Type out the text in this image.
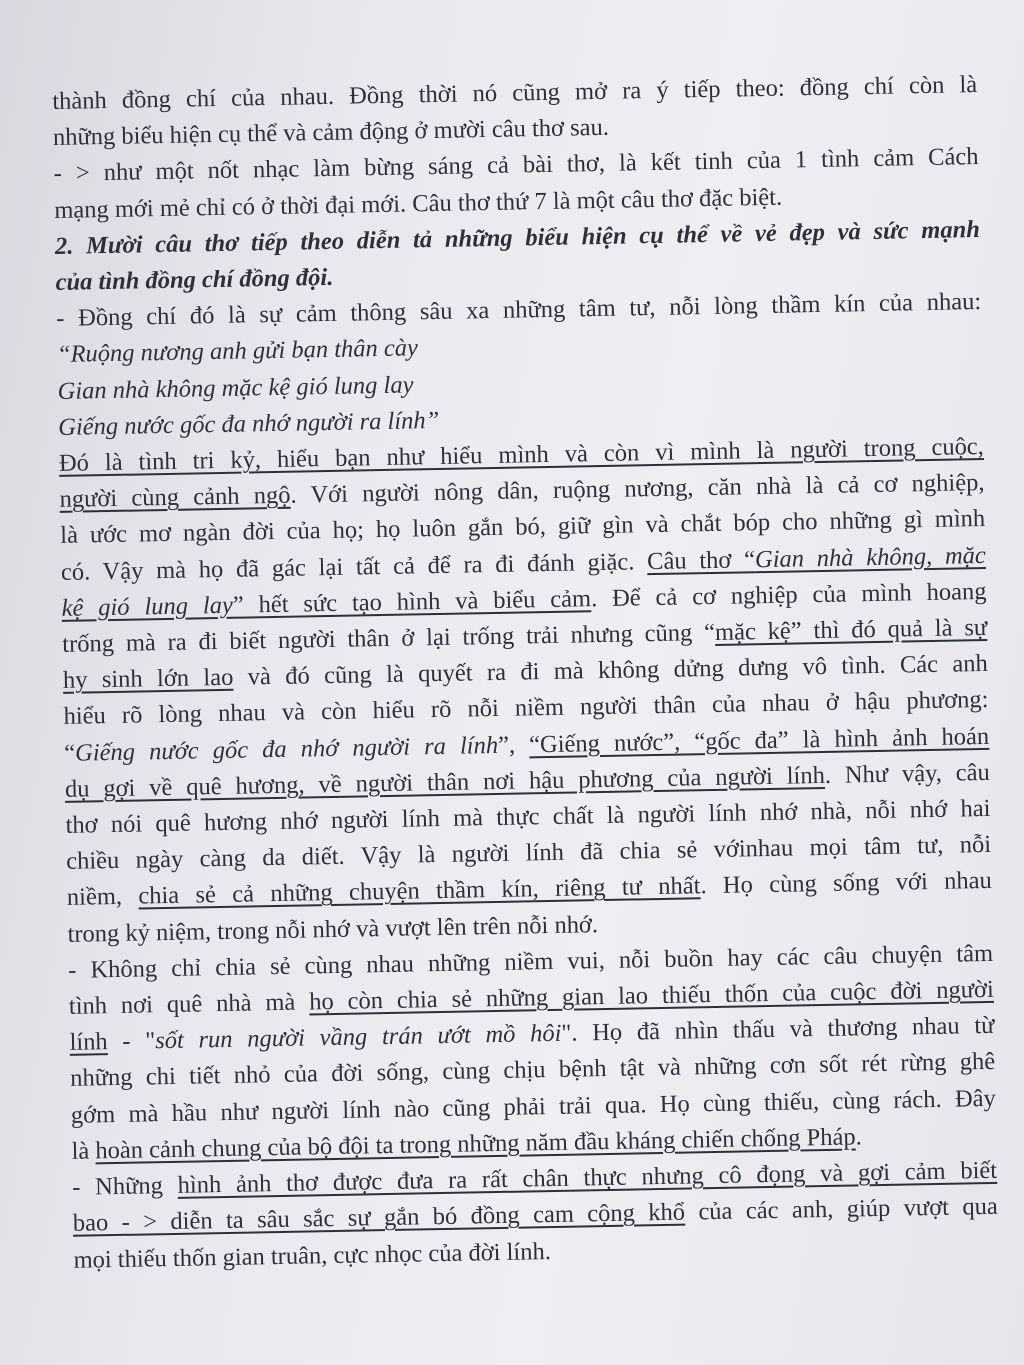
thành đồng chí của nhau. Đồng thời nó cũng mở ra ý tiếp theo: đồng chí còn là
những biểu hiện cụ thể và cảm động ở mười câu thơ sau.
- > như một nốt nhạc làm bừng sáng cả bài thơ, là kết tinh của 1 tình cảm Cách
mạng mới mẻ chỉ có ở thời đại mới. Câu thơ thứ 7 là một câu thơ đặc biệt.
2. Mười câu thơ tiếp theo diễn tả những biểu hiện cụ thể về vẻ đẹp và sức mạnh
của tình đồng chí đồng đội.
- Đồng chí đó là sự cảm thông sâu xa những tâm tư, nỗi lòng thầm kín của nhau:
“Ruộng nương anh gửi bạn thân cày
Gian nhà không mặc kệ gió lung lay
Giếng nước gốc đa nhớ người ra lính”
Đó là tình tri kỷ, hiểu bạn như hiểu mình và còn vì mình là người trong cuộc,
người cùng cảnh ngộ. Với người nông dân, ruộng nương, căn nhà là cả cơ nghiệp,
là ước mơ ngàn đời của họ; họ luôn gắn bó, giữ gìn và chắt bóp cho những gì mình
có. Vậy mà họ đã gác lại tất cả để ra đi đánh giặc. Câu thơ “Gian nhà không, mặc
kệ gió lung lay” hết sức tạo hình và biểu cảm. Để cả cơ nghiệp của mình hoang
trống mà ra đi biết người thân ở lại trống trải nhưng cũng “mặc kệ” thì đó quả là sự
hy sinh lớn lao và đó cũng là quyết ra đi mà không dửng dưng vô tình. Các anh
hiểu rõ lòng nhau và còn hiểu rõ nỗi niềm người thân của nhau ở hậu phương:
“Giếng nước gốc đa nhớ người ra lính”, “Giếng nước”, “gốc đa” là hình ảnh hoán
dụ gợi về quê hương, về người thân nơi hậu phương của người lính. Như vậy, câu
thơ nói quê hương nhớ người lính mà thực chất là người lính nhớ nhà, nỗi nhớ hai
chiều ngày càng da diết. Vậy là người lính đã chia sẻ vớinhau mọi tâm tư, nỗi
niềm, chia sẻ cả những chuyện thầm kín, riêng tư nhất. Họ cùng sống với nhau
trong kỷ niệm, trong nỗi nhớ và vượt lên trên nỗi nhớ.
- Không chỉ chia sẻ cùng nhau những niềm vui, nỗi buồn hay các câu chuyện tâm
tình nơi quê nhà mà họ còn chia sẻ những gian lao thiếu thốn của cuộc đời người
lính - "sốt run người vầng trán ướt mồ hôi". Họ đã nhìn thấu và thương nhau từ
những chi tiết nhỏ của đời sống, cùng chịu bệnh tật và những cơn sốt rét rừng ghê
gớm mà hầu như người lính nào cũng phải trải qua. Họ cùng thiếu, cùng rách. Đây
là hoàn cảnh chung của bộ đội ta trong những năm đầu kháng chiến chống Pháp.
- Những hình ảnh thơ được đưa ra rất chân thực nhưng cô đọng và gợi cảm biết
bao - > diễn ta sâu sắc sự gắn bó đồng cam cộng khổ của các anh, giúp vượt qua
mọi thiếu thốn gian truân, cực nhọc của đời lính.
